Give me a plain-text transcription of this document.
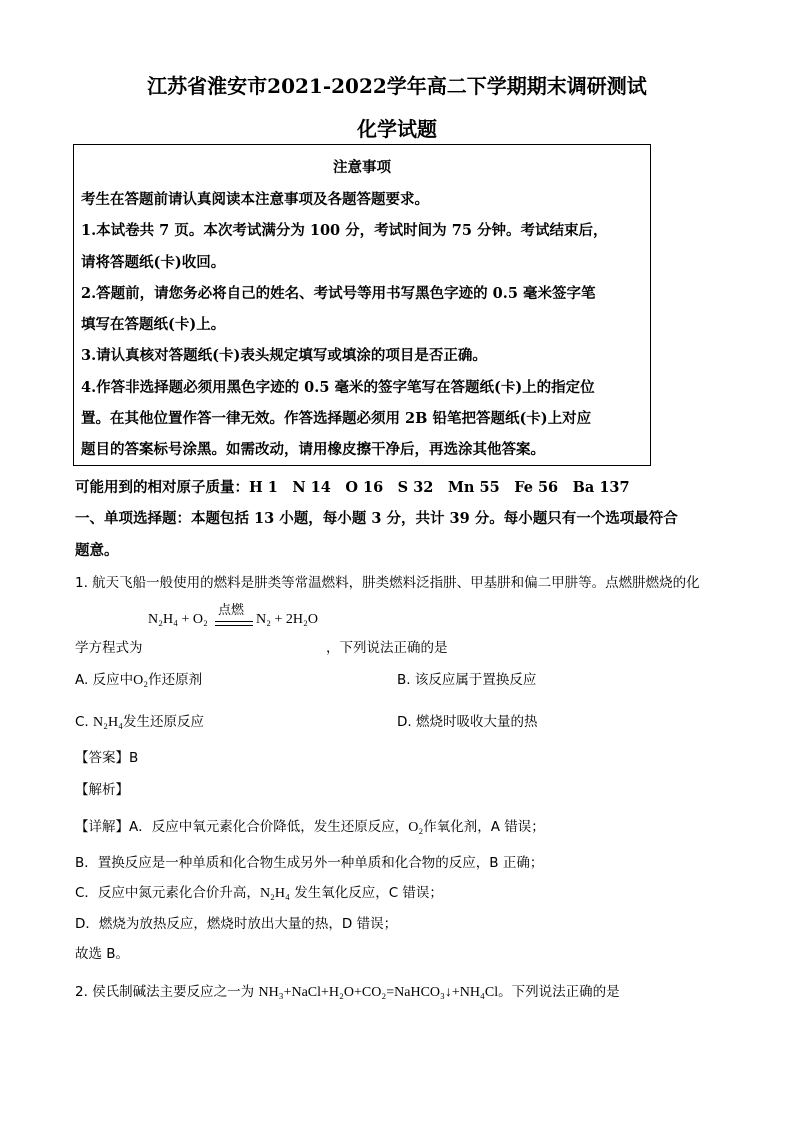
江苏省淮安市2021-2022学年高二下学期期末调研测试
化学试题
注意事项
考生在答题前请认真阅读本注意事项及各题答题要求。
1.本试卷共 7 页。本次考试满分为 100 分，考试时间为 75 分钟。考试结束后，
请将答题纸(卡)收回。
2.答题前，请您务必将自己的姓名、考试号等用书写黑色字迹的 0.5 毫米签字笔
填写在答题纸(卡)上。
3.请认真核对答题纸(卡)表头规定填写或填涂的项目是否正确。
4.作答非选择题必须用黑色字迹的 0.5 毫米的签字笔写在答题纸(卡)上的指定位
置。在其他位置作答一律无效。作答选择题必须用 2B 铅笔把答题纸(卡)上对应
题目的答案标号涂黑。如需改动，请用橡皮擦干净后，再选涂其他答案。
可能用到的相对原子质量：H 1　N 14　O 16　S 32　Mn 55　Fe 56　Ba 137
一、单项选择题：本题包括 13 小题，每小题 3 分，共计 39 分。每小题只有一个选项最符合
题意。
1. 航天飞船一般使用的燃料是肼类等常温燃料，肼类燃料泛指肼、甲基肼和偏二甲肼等。点燃肼燃烧的化
点燃
N₂H₄ + O₂	N₂ + 2H₂O
学方程式为	，下列说法正确的是
A. 反应中O₂作还原剂	B. 该反应属于置换反应
C. N₂H₄发生还原反应	D. 燃烧时吸收大量的热
【答案】B
【解析】
【详解】A．反应中氧元素化合价降低，发生还原反应，O₂作氧化剂，A 错误；
B．置换反应是一种单质和化合物生成另外一种单质和化合物的反应，B 正确；
C．反应中氮元素化合价升高，N₂H₄ 发生氧化反应，C 错误；
D．燃烧为放热反应，燃烧时放出大量的热，D 错误；
故选 B。
2. 侯氏制碱法主要反应之一为 NH₃+NaCl+H₂O+CO₂=NaHCO₃↓+NH₄Cl。下列说法正确的是
